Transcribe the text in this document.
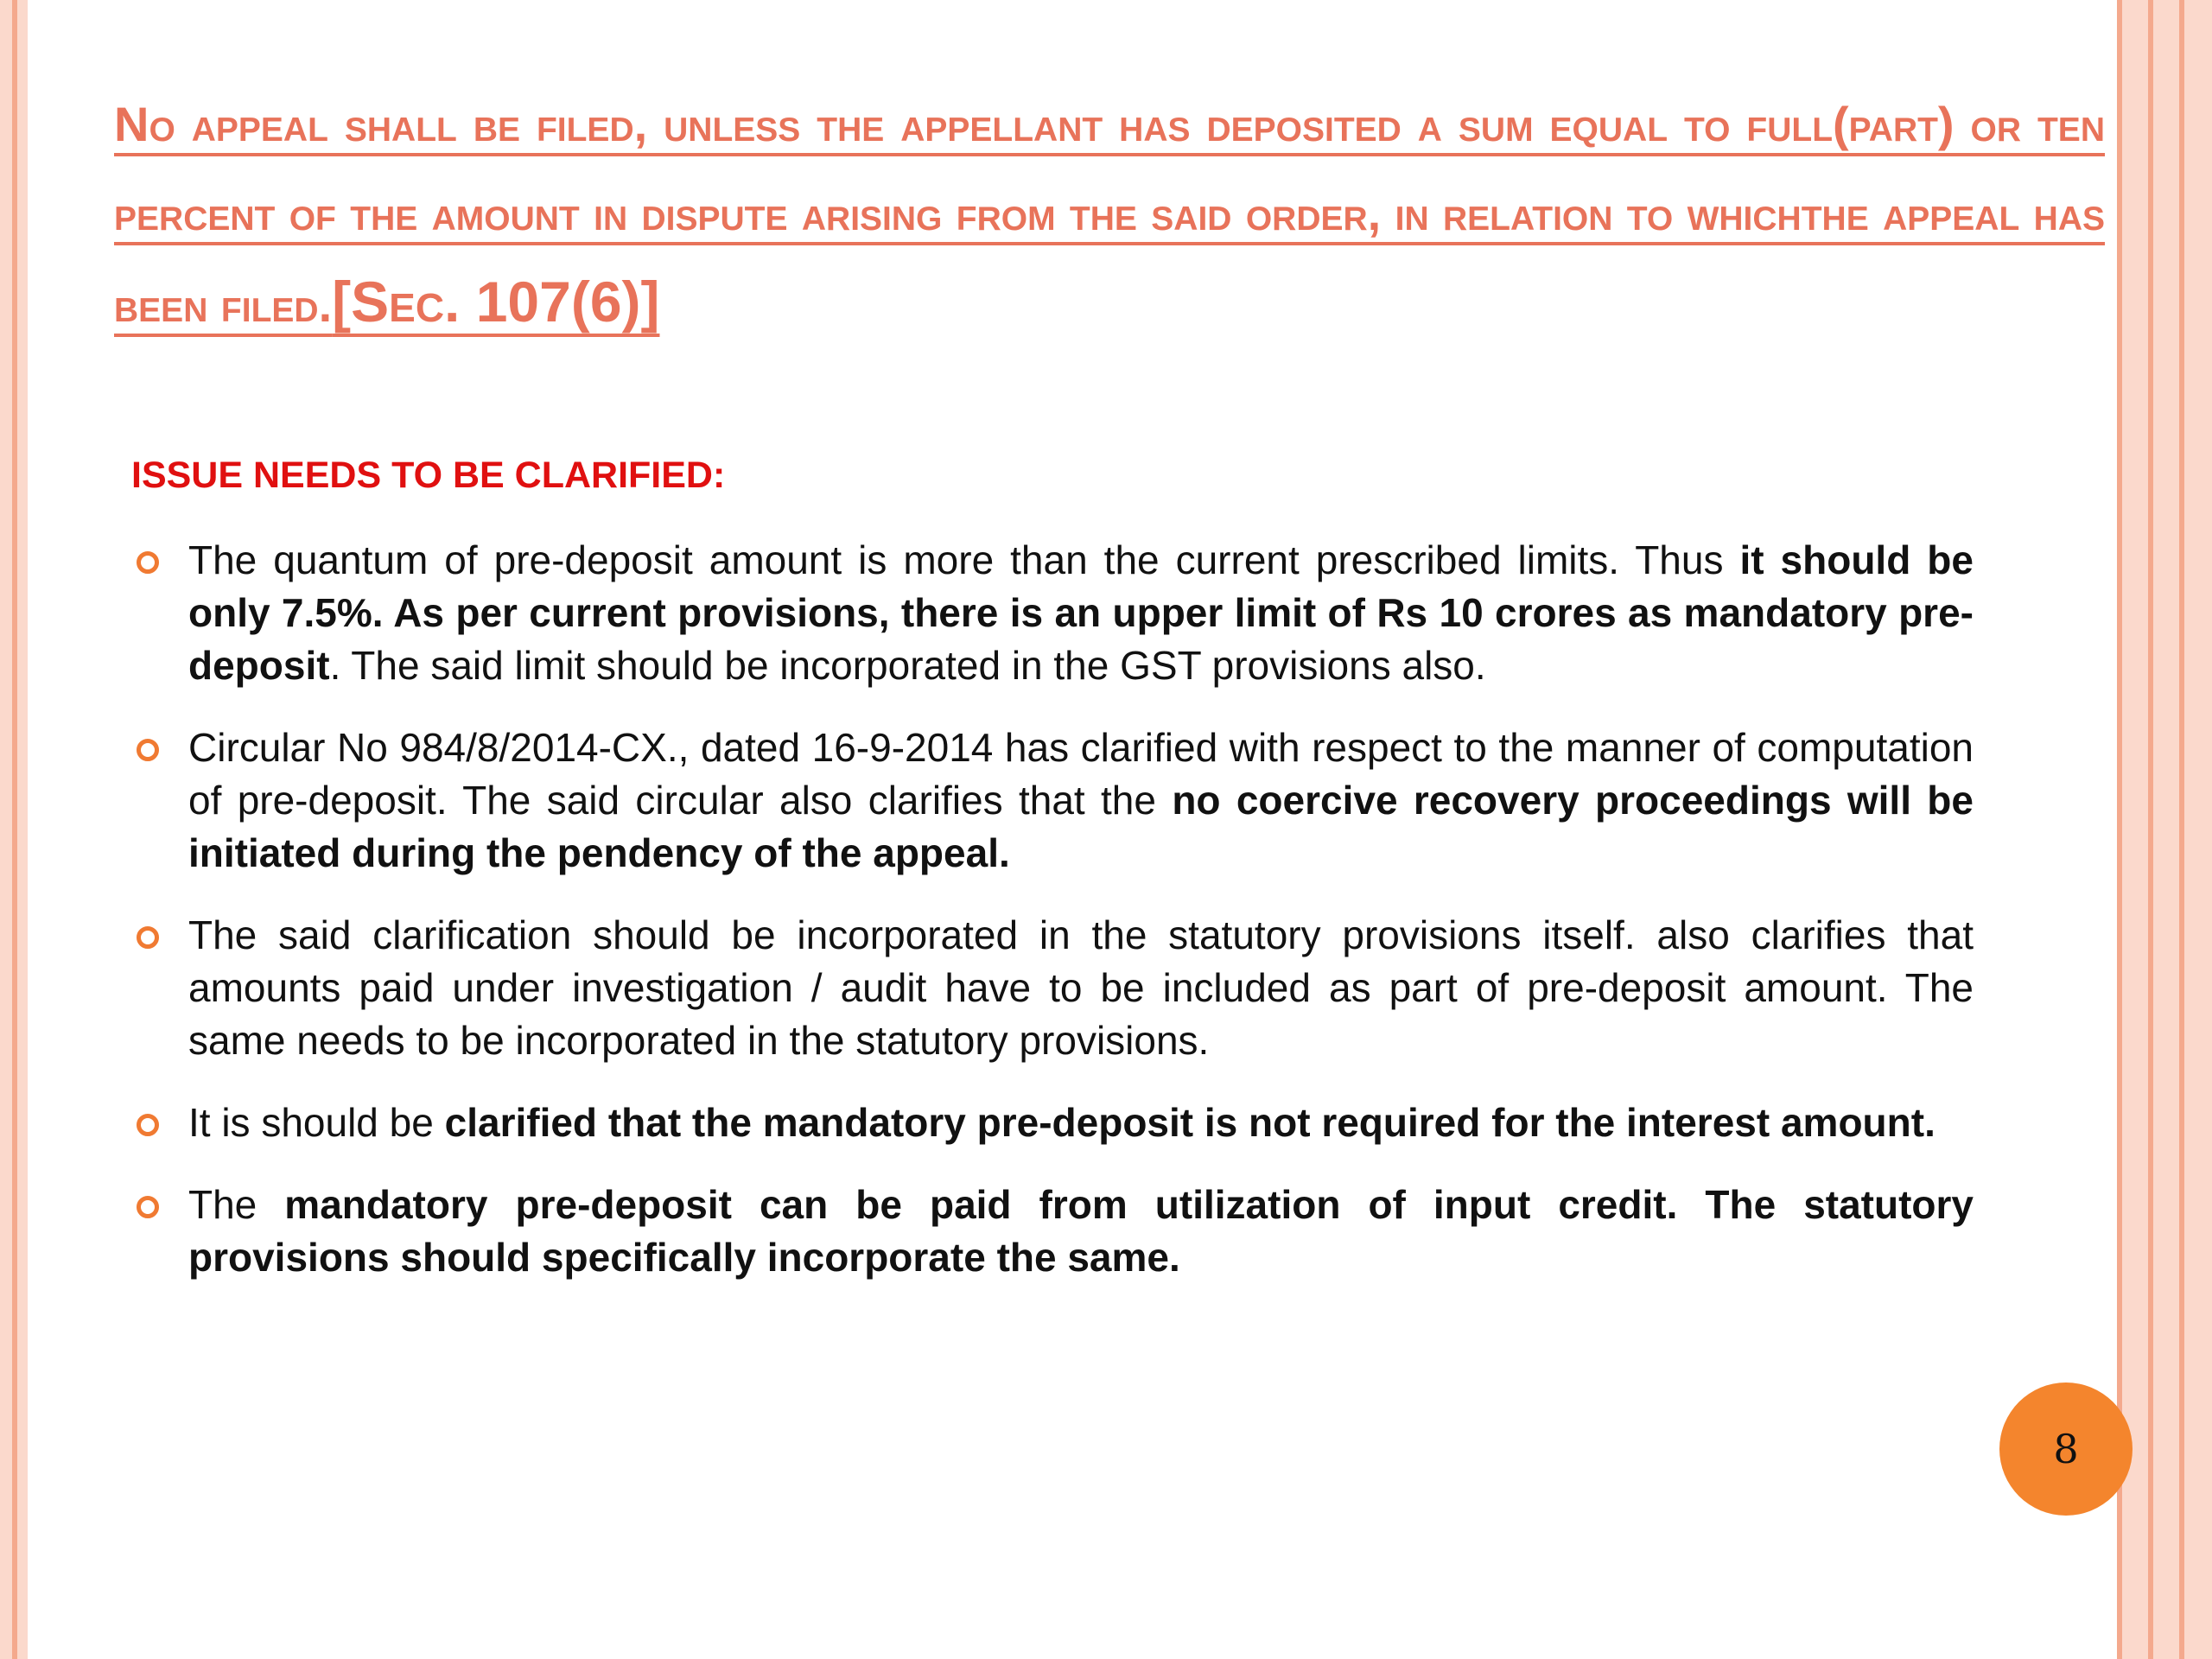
No appeal shall be filed, unless the appellant has deposited a sum equal to full(part) or ten percent of the amount in dispute arising from the said order, in relation to whichthe appeal has been filed.[Sec. 107(6)]

ISSUE NEEDS TO BE CLARIFIED:

The quantum of pre-deposit amount is more than the current prescribed limits. Thus it should be only 7.5%. As per current provisions, there is an upper limit of Rs 10 crores as mandatory pre-deposit. The said limit should be incorporated in the GST provisions also.
Circular No 984/8/2014-CX., dated 16-9-2014 has clarified with respect to the manner of computation of pre-deposit. The said circular also clarifies that the no coercive recovery proceedings will be initiated during the pendency of the appeal.
The said clarification should be incorporated in the statutory provisions itself. also clarifies that amounts paid under investigation / audit have to be included as part of pre-deposit amount. The same needs to be incorporated in the statutory provisions.
It is should be clarified that the mandatory pre-deposit is not required for the interest amount.
The mandatory pre-deposit can be paid from utilization of input credit. The statutory provisions should specifically incorporate the same.
8
